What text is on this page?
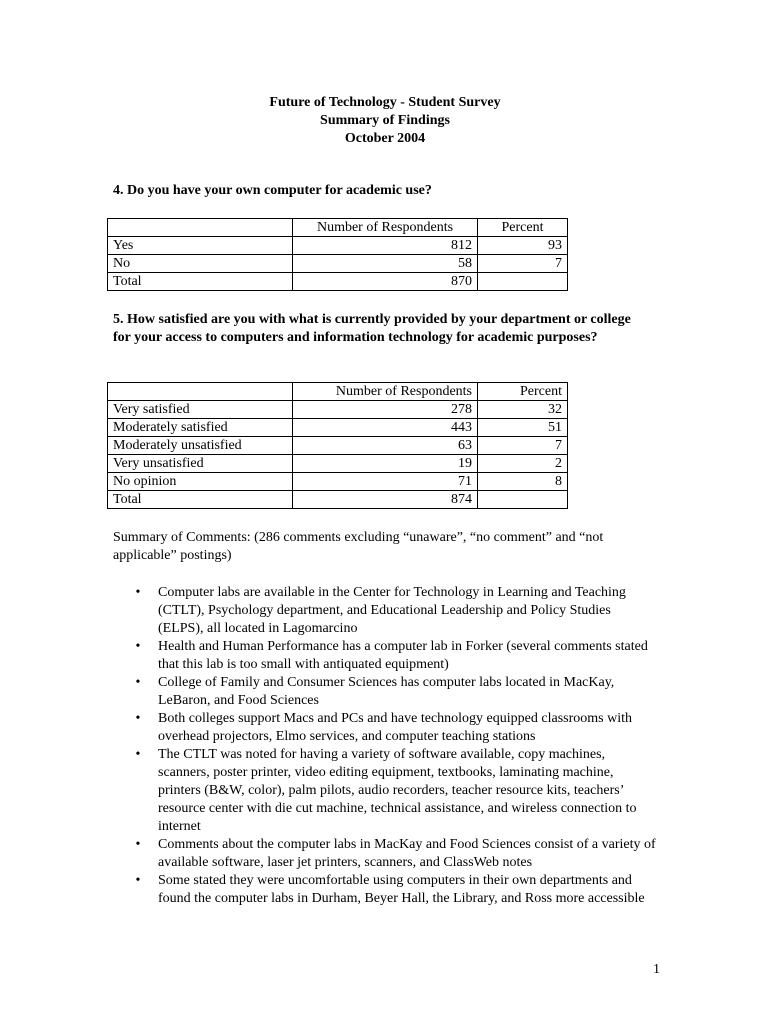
Future of Technology - Student Survey
Summary of Findings
October 2004
4. Do you have your own computer for academic use?
	Number of Respondents	Percent
Yes	812	93
No	58	7
Total	870	
5. How satisfied are you with what is currently provided by your department or college for your access to computers and information technology for academic purposes?
	Number of Respondents	Percent
Very satisfied	278	32
Moderately satisfied	443	51
Moderately unsatisfied	63	7
Very unsatisfied	19	2
No opinion	71	8
Total	874	
Summary of Comments: (286 comments excluding “unaware”, “no comment” and “not applicable” postings)
• Computer labs are available in the Center for Technology in Learning and Teaching (CTLT), Psychology department, and Educational Leadership and Policy Studies (ELPS), all located in Lagomarcino
• Health and Human Performance has a computer lab in Forker (several comments stated that this lab is too small with antiquated equipment)
• College of Family and Consumer Sciences has computer labs located in MacKay, LeBaron, and Food Sciences
• Both colleges support Macs and PCs and have technology equipped classrooms with overhead projectors, Elmo services, and computer teaching stations
• The CTLT was noted for having a variety of software available, copy machines, scanners, poster printer, video editing equipment, textbooks, laminating machine, printers (B&W, color), palm pilots, audio recorders, teacher resource kits, teachers’ resource center with die cut machine, technical assistance, and wireless connection to internet
• Comments about the computer labs in MacKay and Food Sciences consist of a variety of available software, laser jet printers, scanners, and ClassWeb notes
• Some stated they were uncomfortable using computers in their own departments and found the computer labs in Durham, Beyer Hall, the Library, and Ross more accessible
1
